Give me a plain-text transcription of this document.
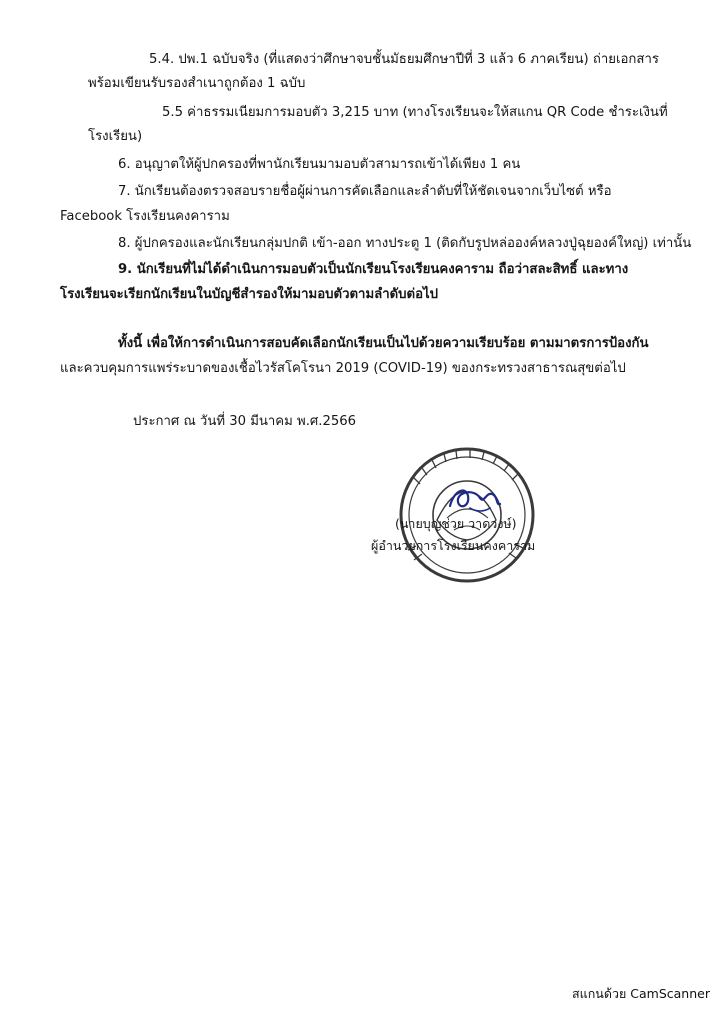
5.4. ปพ.1 ฉบับจริง (ที่แสดงว่าศึกษาจบชั้นมัธยมศึกษาปีที่ 3 แล้ว 6 ภาคเรียน) ถ่ายเอกสาร
พร้อมเขียนรับรองสำเนาถูกต้อง 1 ฉบับ
5.5 ค่าธรรมเนียมการมอบตัว 3,215 บาท (ทางโรงเรียนจะให้สแกน QR Code ชำระเงินที่
โรงเรียน)
6. อนุญาตให้ผู้ปกครองที่พานักเรียนมามอบตัวสามารถเข้าได้เพียง 1 คน
7. นักเรียนต้องตรวจสอบรายชื่อผู้ผ่านการคัดเลือกและลำดับที่ให้ชัดเจนจากเว็บไซต์ หรือ
Facebook โรงเรียนคงคาราม
8. ผู้ปกครองและนักเรียนกลุ่มปกติ เข้า-ออก ทางประตู 1 (ติดกับรูปหล่อองค์หลวงปู่ฉุยองค์ใหญ่) เท่านั้น
9. นักเรียนที่ไม่ได้ดำเนินการมอบตัวเป็นนักเรียนโรงเรียนคงคาราม ถือว่าสละสิทธิ์ และทาง
โรงเรียนจะเรียกนักเรียนในบัญชีสำรองให้มามอบตัวตามลำดับต่อไป
ทั้งนี้ เพื่อให้การดำเนินการสอบคัดเลือกนักเรียนเป็นไปด้วยความเรียบร้อย ตามมาตรการป้องกัน
และควบคุมการแพร่ระบาดของเชื้อไวรัสโคโรนา 2019 (COVID-19) ของกระทรวงสาธารณสุขต่อไป
ประกาศ ณ วันที่ 30 มีนาคม พ.ศ.2566
(นายบุญช่วย วาดวงษ์)
ผู้อำนวยการโรงเรียนคงคาราม
สแกนด้วย CamScanner
